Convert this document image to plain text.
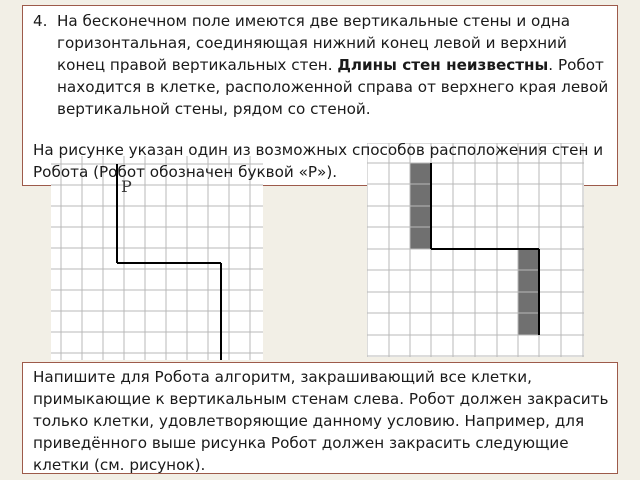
Р
4. На бесконечном поле имеются две вертикальные стены и одна горизонтальная, соединяющая нижний конец левой и верхний конец правой вертикальных стен. Длины стен неизвестны. Робот находится в клетке, расположенной справа от верхнего края левой вертикальной стены, рядом со стеной.
На рисунке указан один из возможных способов расположения стен и Робота (Робот обозначен буквой «Р»).
Напишите для Робота алгоритм, закрашивающий все клетки, примыкающие к вертикальным стенам слева. Робот должен закрасить только клетки, удовлетворяющие данному условию. Например, для приведённого выше рисунка Робот должен закрасить следующие клетки (см. рисунок).
